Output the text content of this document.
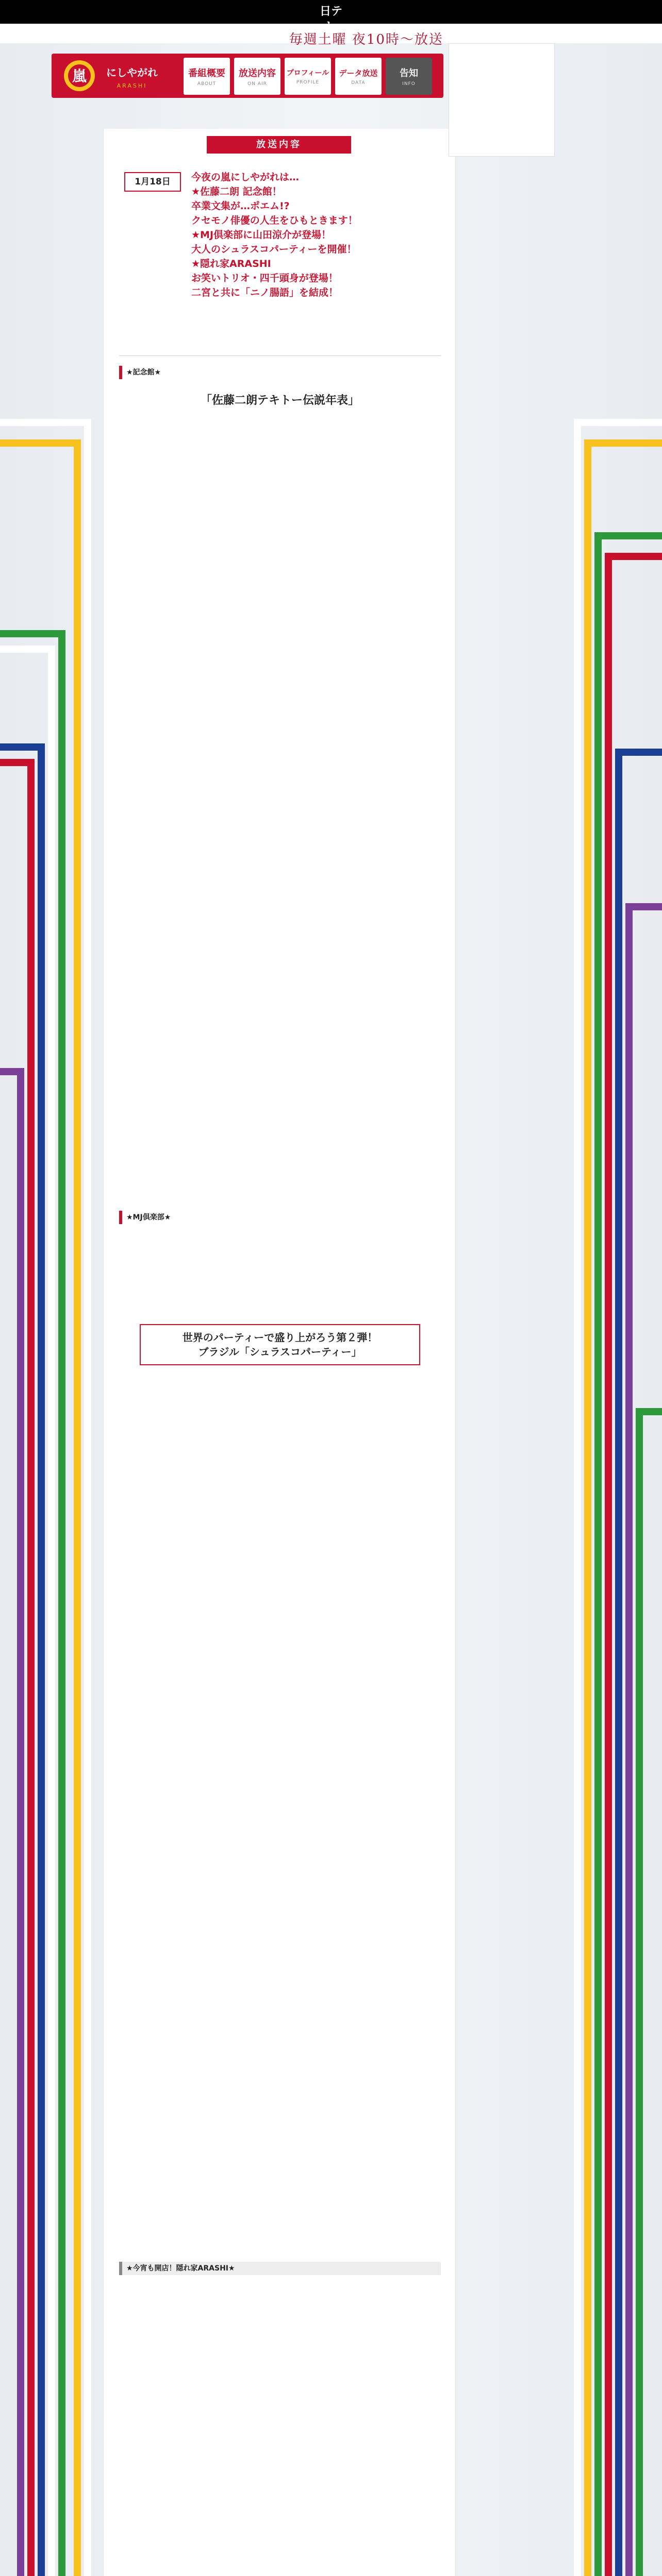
日テレ
毎週土曜 夜10時～放送
嵐 にしやがれ
ARASHI
番組概要
ABOUT
放送内容
ON AIR
プロフィール
PROFILE
データ放送
DATA
告知
INFO
放送内容
1月18日	今夜の嵐にしやがれは…
★佐藤二朗 記念館！
卒業文集が…ポエム!?
クセモノ俳優の人生をひもときます！
★MJ倶楽部に山田涼介が登場！
大人のシュラスコパーティーを開催！
★隠れ家ARASHI
お笑いトリオ・四千頭身が登場！
二宮と共に「ニノ腸語」を結成！
★記念館★
「佐藤二朗テキトー伝説年表」
★MJ倶楽部★
世界のパーティーで盛り上がろう第２弾！
ブラジル「シュラスコパーティー」
★今宵も開店！隠れ家ARASHI★
